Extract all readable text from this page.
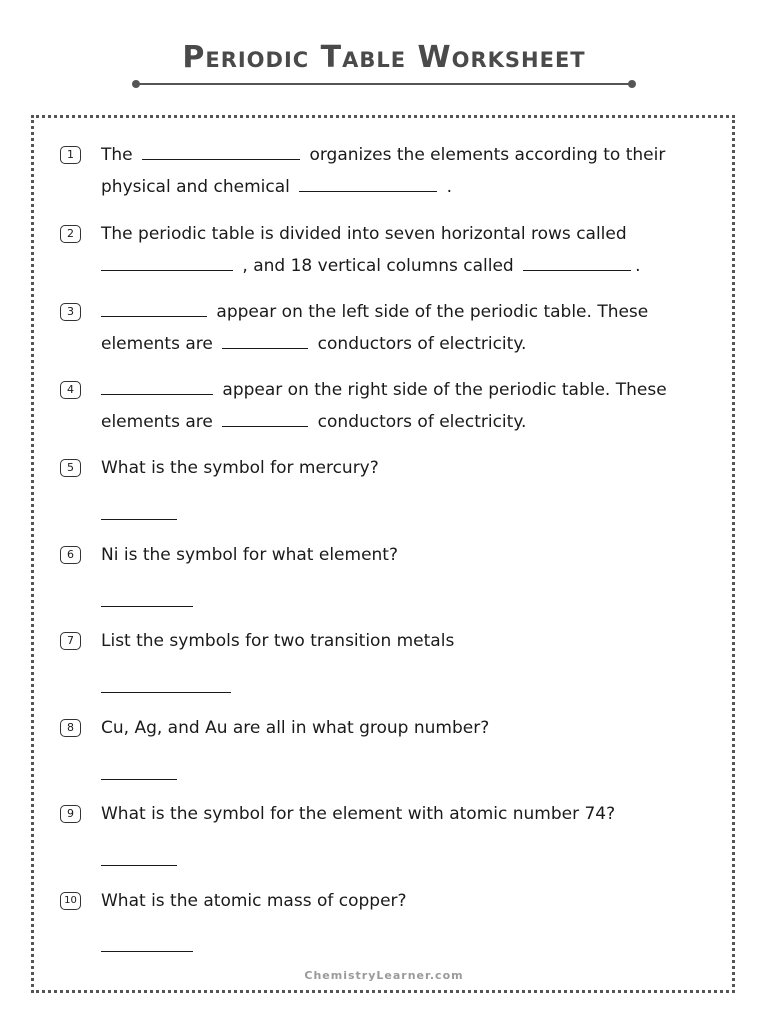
Periodic Table Worksheet
1	The	organizes the elements according to their
physical and chemical	.
2	The periodic table is divided into seven horizontal rows called
, and 18 vertical columns called	.
3	appear on the left side of the periodic table. These
elements are	conductors of electricity.
4	appear on the right side of the periodic table. These
elements are	conductors of electricity.
5	What is the symbol for mercury?
6	Ni is the symbol for what element?
7	List the symbols for two transition metals
8	Cu, Ag, and Au are all in what group number?
9	What is the symbol for the element with atomic number 74?
10 What is the atomic mass of copper?
ChemistryLearner.com
